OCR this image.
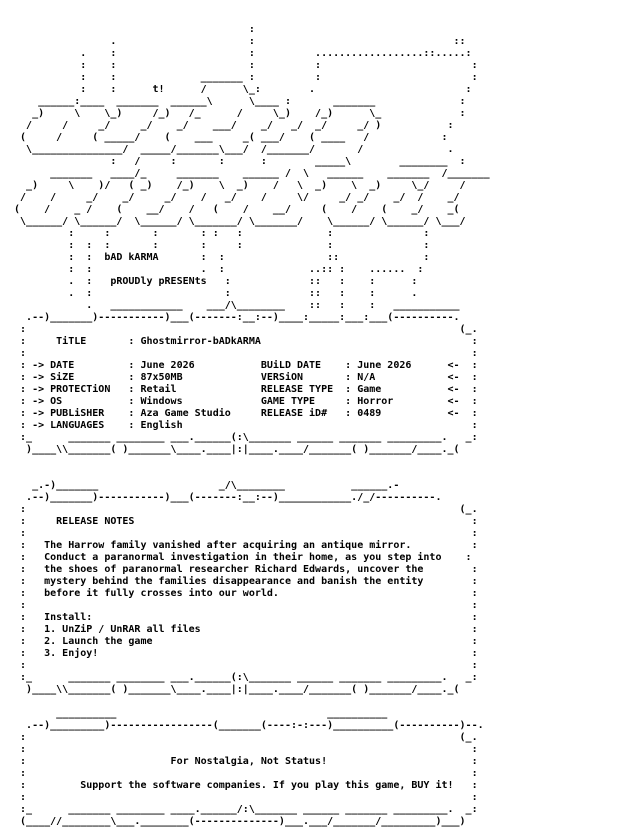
:
.                      :                                 ::
.    :                      :          ..................::.....:
:    :                      :          :                         :
:    :              _______ :          :                         :
:    :      t!      /      \_:        .                         :
______:____  _______  ______\      \____ :       _______              :
_)     \    \_)     /_)   /_      /     \_)    /_)      \_             :
/     /     _/     _/    _/    ___/    _/   _/  _/     _/ )           :
(     /     ( _____/    (    ___     _( ___/    ( ____   /            :
\_______________/  _____/_______\___/  /_______/       /              .
:   /     :       :      :        _____\        ________  :
_______   ____/_     _______    ______ /  \   ______    _______  /_______
_)     \    )/   ( _)    /_)    \  _)    /   \  _)    \  _)     \_/     /
/    /     _/    _/     _/    /   _/    /     \/     _/ _/    _/  /    _/
(    /    _ /    (    __/    /   (    /    __/     (    /    (    _/    _(
\______/ \______/  \______/ \_______/ \_______/    \______/ \______/ \___/
:     :       :       : :   :              :               :
:  :  :       :       :     :              :               :
:  :  bAD kARMA       :  :                 ::              :
:  :                  .  :              ..:: :    ......  :
.  :   pROUDly pRESENts   :             ::   :    :      :
.  :                      :             ::   :    :      .
.   ____________    ___/\________    ::   :    :   ___________
.--)_______)-----------)___(-------:__:--)____:_____:___:___(----------.
:                                                                        (_.
:     TiTLE       : Ghostmirror-bADkARMA                                   :
:                                                                          :
: -> DATE         : June 2026           BUiLD DATE    : June 2026      <-  :
: -> SiZE         : 87x50MB             VERSiON       : N/A            <-  :
: -> PROTECTiON   : Retail              RELEASE TYPE  : Game           <-  :
: -> OS           : Windows             GAME TYPE     : Horror         <-  :
: -> PUBLiSHER    : Aza Game Studio     RELEASE iD#   : 0489           <-  :
: -> LANGUAGES    : English                                                :
:_      _______ ________ ___.______(:\_______ ______ _______ _________.   _:
)____\\_______( )_______\____.____|:|____.____/_______( )_______/____._(
_.-)_______                    _/\________           ______.-
.--)_______)-----------)___(-------:__:--)____________./_/----------.
:                                                                        (_.
:     RELEASE NOTES                                                        :
:                                                                          :
:   The Harrow family vanished after acquiring an antique mirror.          :
:   Conduct a paranormal investigation in their home, as you step into    :
:   the shoes of paranormal researcher Richard Edwards, uncover the        :
:   mystery behind the families disappearance and banish the entity        :
:   before it fully crosses into our world.                                :
:                                                                          :
:   Install:                                                               :
:   1. UnZiP / UnRAR all files                                             :
:   2. Launch the game                                                     :
:   3. Enjoy!                                                              :
:                                                                          :
:_      _______ ________ ___.______(:\_______ ______ _______ _________.   _:
)____\\_______( )_______\____.____|:|____.____/_______( )_______/____._(
__________                                   __________
.--)_________)-----------------(_______(----:-:---)__________(----------)--.
:                                                                        (_.
:                                                                          :
:                        For Nostalgia, Not Status!                        :
:                                                                          :
:         Support the software companies. If you play this game, BUY it!   :
:                                                                          :
:_      _______ ________ ____.______/:\_______ ______ _______ _________.  _:
(____//________\___.________(--------------)___.___/_______/_________)___)
